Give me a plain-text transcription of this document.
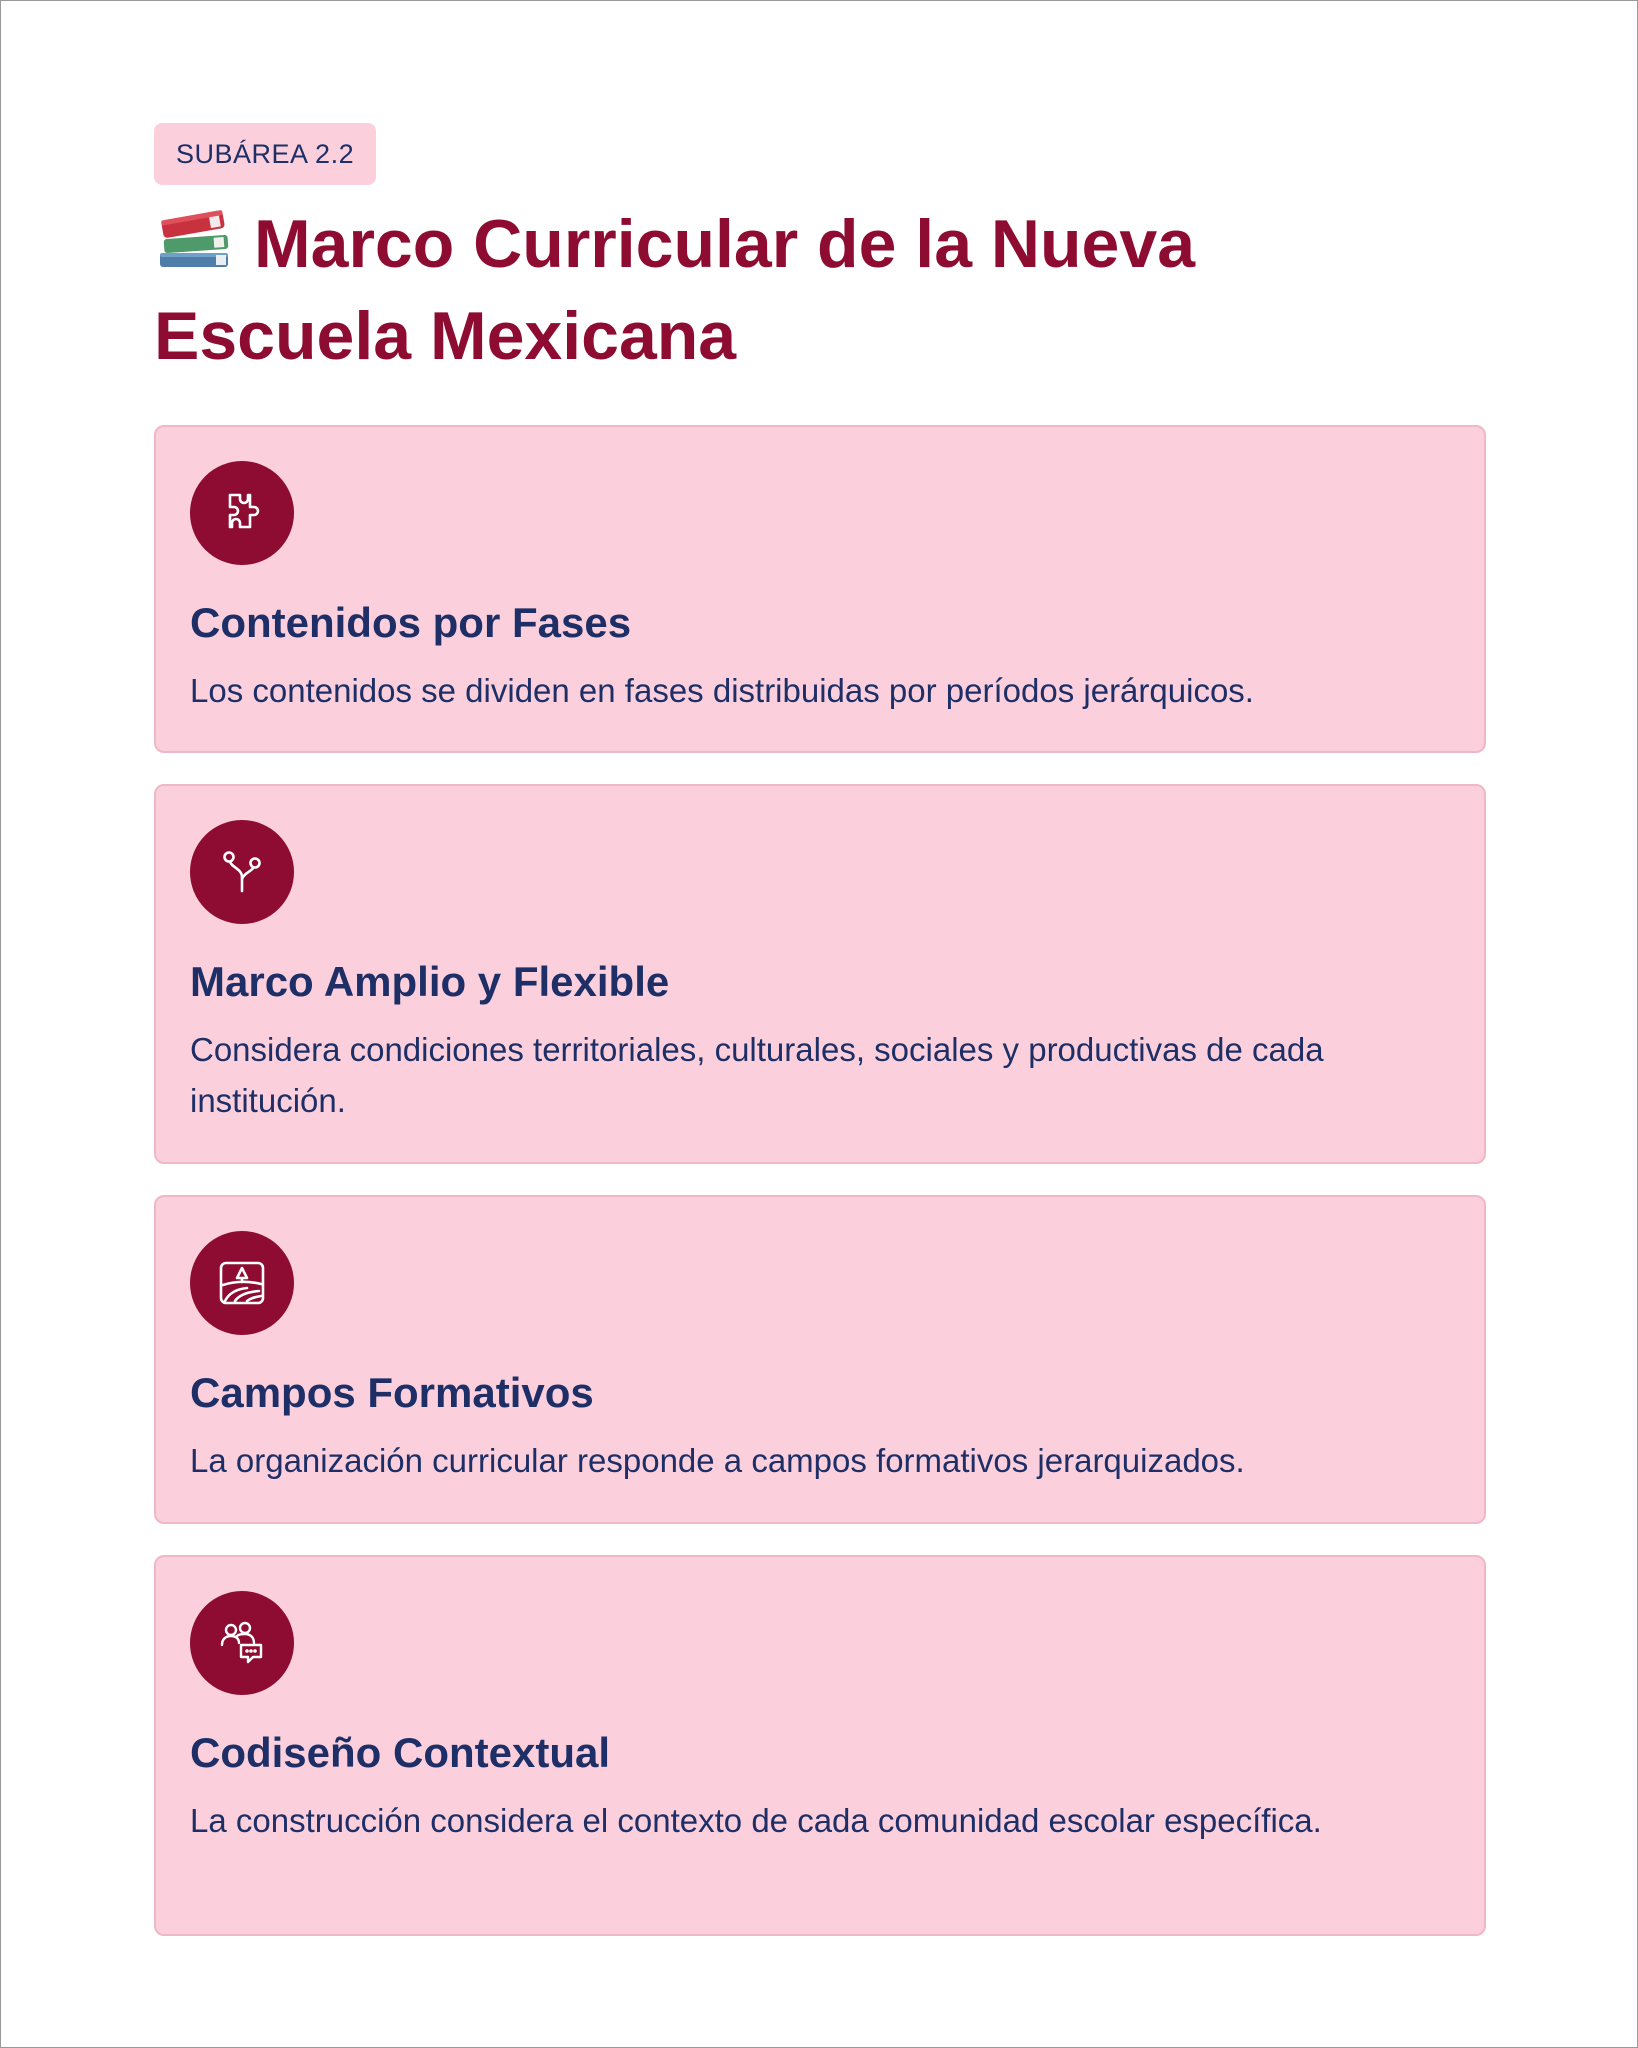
SUBÁREA 2.2
Marco Curricular de la Nueva Escuela Mexicana
Contenidos por Fases
Los contenidos se dividen en fases distribuidas por períodos jerárquicos.
Marco Amplio y Flexible
Considera condiciones territoriales, culturales, sociales y productivas de cada institución.
Campos Formativos
La organización curricular responde a campos formativos jerarquizados.
Codiseño Contextual
La construcción considera el contexto de cada comunidad escolar específica.
